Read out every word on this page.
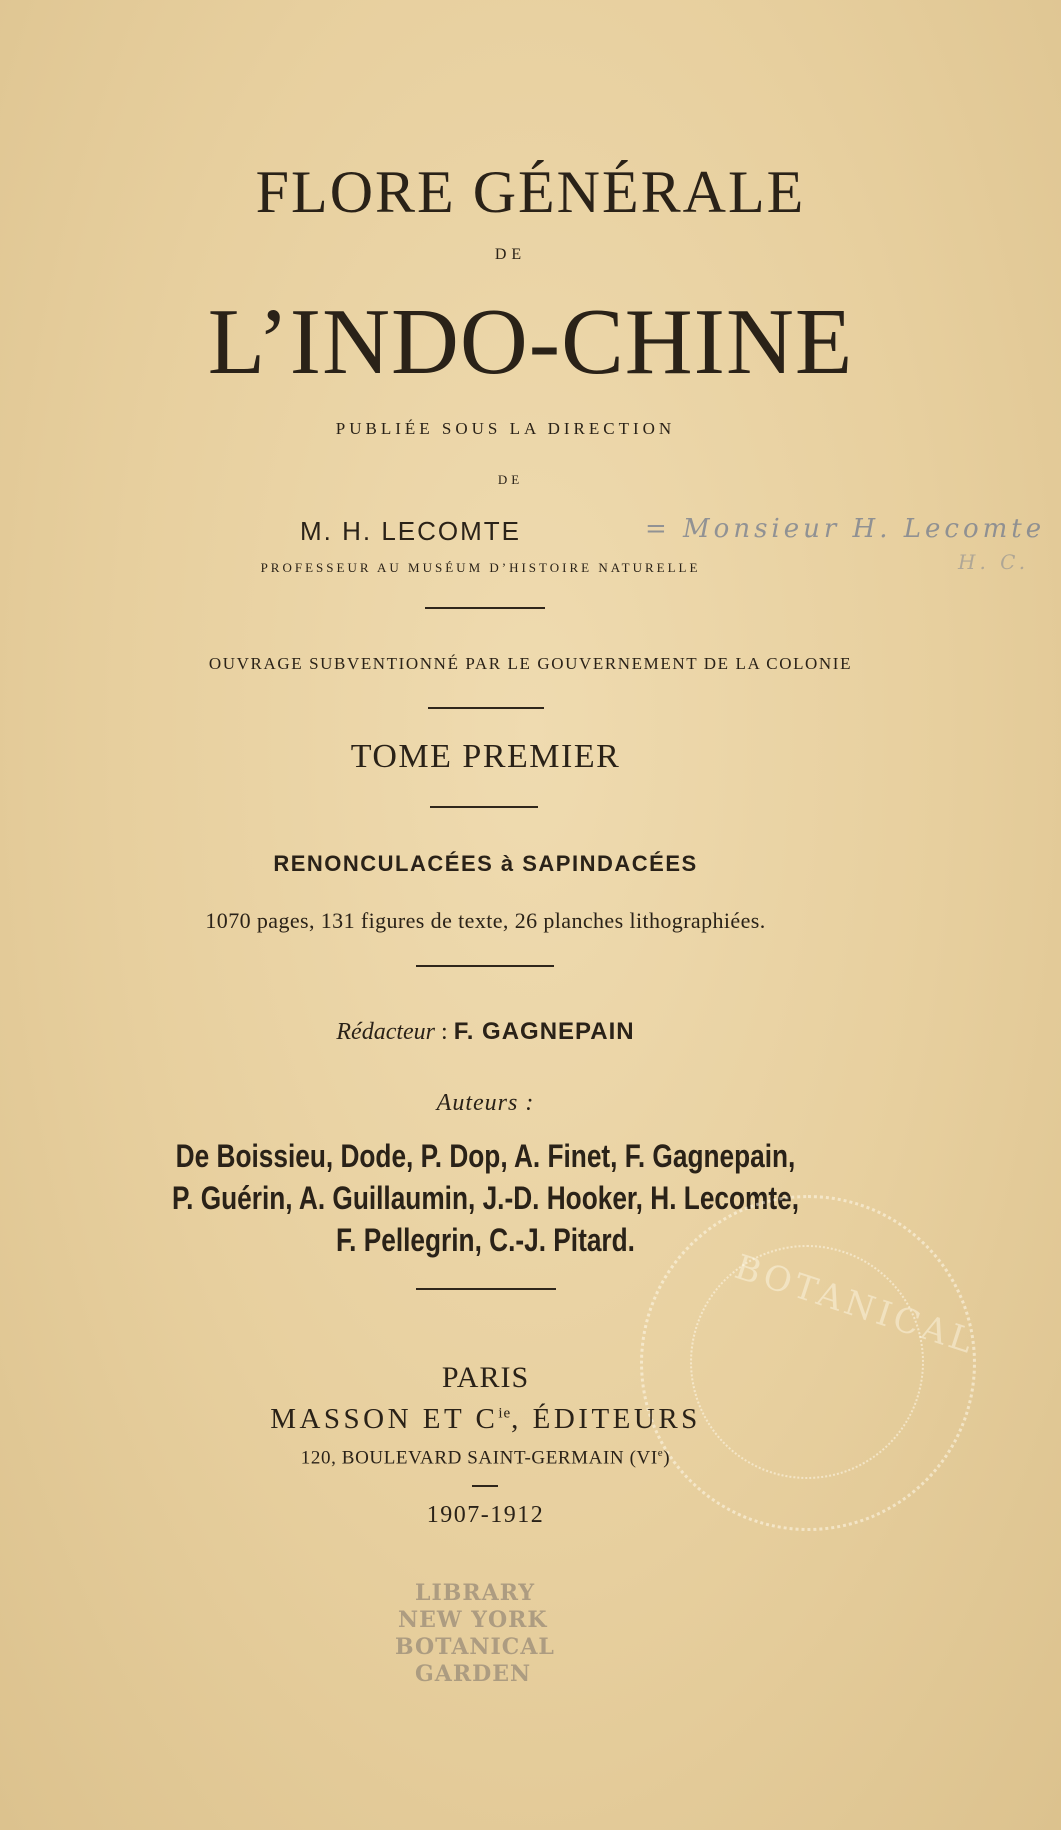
FLORE GÉNÉRALE
DE
L’INDO-CHINE
PUBLIÉE SOUS LA DIRECTION
DE
M. H. LECOMTE	= Monsieur H. Lecomte
H. C.
PROFESSEUR AU MUSÉUM D’HISTOIRE NATURELLE
OUVRAGE SUBVENTIONNÉ PAR LE GOUVERNEMENT DE LA COLONIE
TOME PREMIER
RENONCULACÉES à SAPINDACÉES
1070 pages, 131 figures de texte, 26 planches lithographiées.
Rédacteur : F. GAGNEPAIN
Auteurs :
De Boissieu, Dode, P. Dop, A. Finet, F. Gagnepain,
P. Guérin, A. Guillaumin, J.-D. Hooker, H. Lecomte,
F. Pellegrin, C.-J. Pitard.
BOTANICAL
PARIS
MASSON ET $C^{ie}$, ÉDITEURS
120, BOULEVARD SAINT-GERMAIN (VIe)
1907-1912
LIBRARY
NEW YORK
BOTANICAL
GARDEN
